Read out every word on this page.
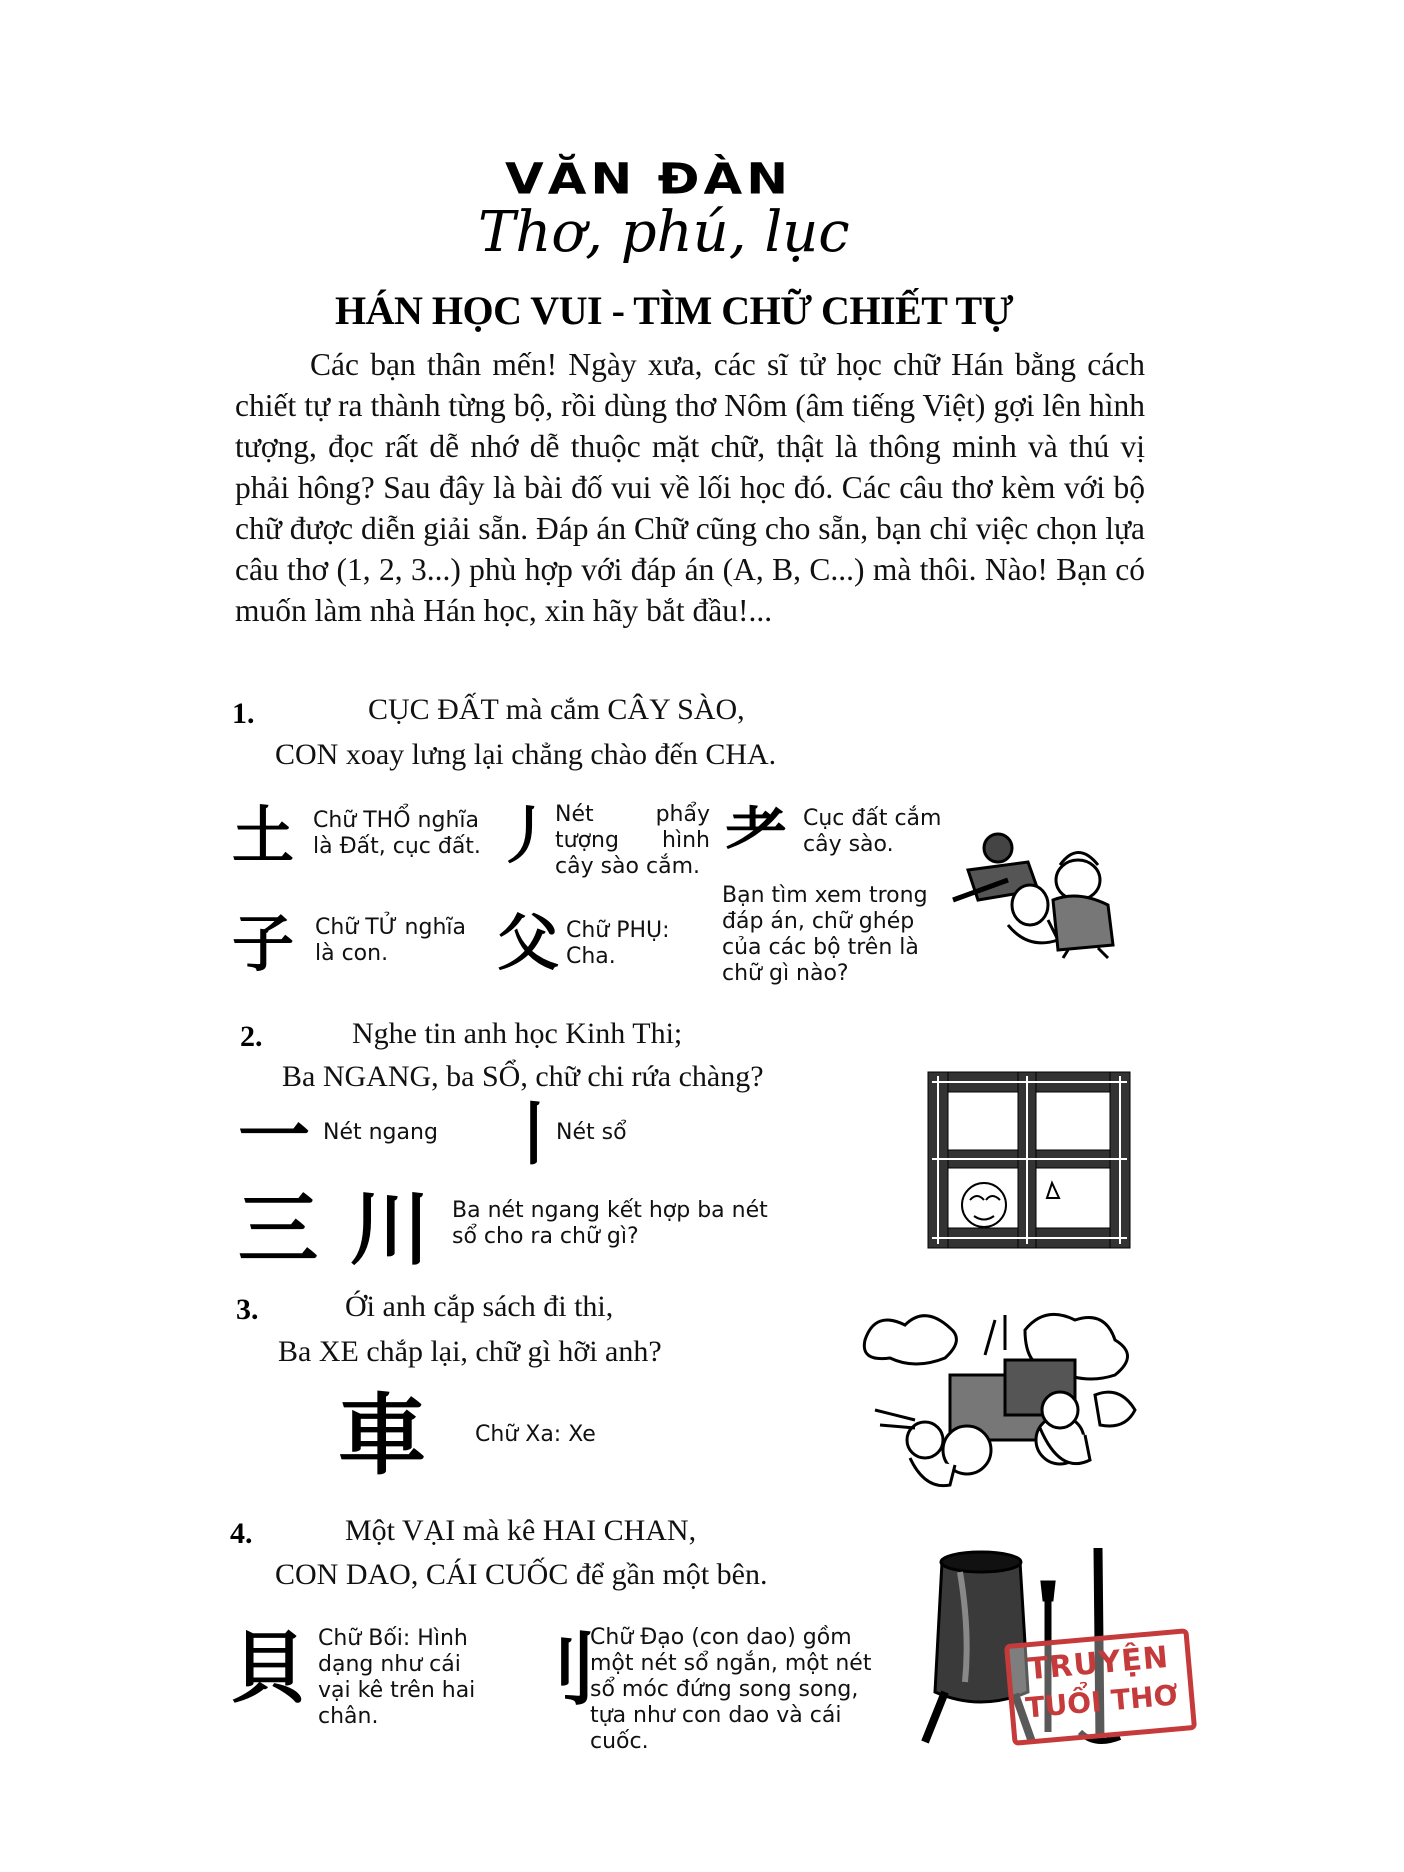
VĂN ĐÀN
Thơ, phú, lục
HÁN HỌC VUI - TÌM CHỮ CHIẾT TỰ
Các bạn thân mến! Ngày xưa, các sĩ tử học chữ Hán bằng cách chiết tự ra thành từng bộ, rồi dùng thơ Nôm (âm tiếng Việt) gợi lên hình tượng, đọc rất dễ nhớ dễ thuộc mặt chữ, thật là thông minh và thú vị phải hông? Sau đây là bài đố vui về lối học đó. Các câu thơ kèm với bộ chữ được diễn giải sẵn. Đáp án Chữ cũng cho sẵn, bạn chỉ việc chọn lựa câu thơ (1, 2, 3...) phù hợp với đáp án (A, B, C...) mà thôi. Nào! Bạn có muốn làm nhà Hán học, xin hãy bắt đầu!...
1.	CỤC ĐẤT mà cắm CÂY SÀO,
CON xoay lưng lại chẳng chào đến CHA.
土 Chữ THỔ nghĩa là Đất, cục đất. 丿
Nét phẩy tượng hình cây sào cắm. 耂 Cục đất cắm cây sào.
子 Chữ TỬ nghĩa là con.	父 Chữ PHỤ: Cha.
Bạn tìm xem trong đáp án, chữ ghép của các bộ trên là chữ gì nào?
2.	Nghe tin anh học Kinh Thi;
Ba NGANG, ba SỔ, chữ chi rứa chàng?
一 Nét ngang 丨
Nét sổ
三 川 Ba nét ngang kết hợp ba nét sổ cho ra chữ gì?
3.	Ới anh cắp sách đi thi,
Ba XE chắp lại, chữ gì hỡi anh?
車 Chữ Xa: Xe
4.	Một VẠI mà kê HAI CHAN,
CON DAO, CÁI CUỐC để gần một bên.
貝 Chữ Bối: Hình dạng như cái vại kê trên hai chân.
刂
Chữ Đạo (con dao) gồm một nét sổ ngắn, một nét sổ móc đứng song song, tựa như con dao và cái cuốc.
TRUYỆN
TUỔI THƠ
